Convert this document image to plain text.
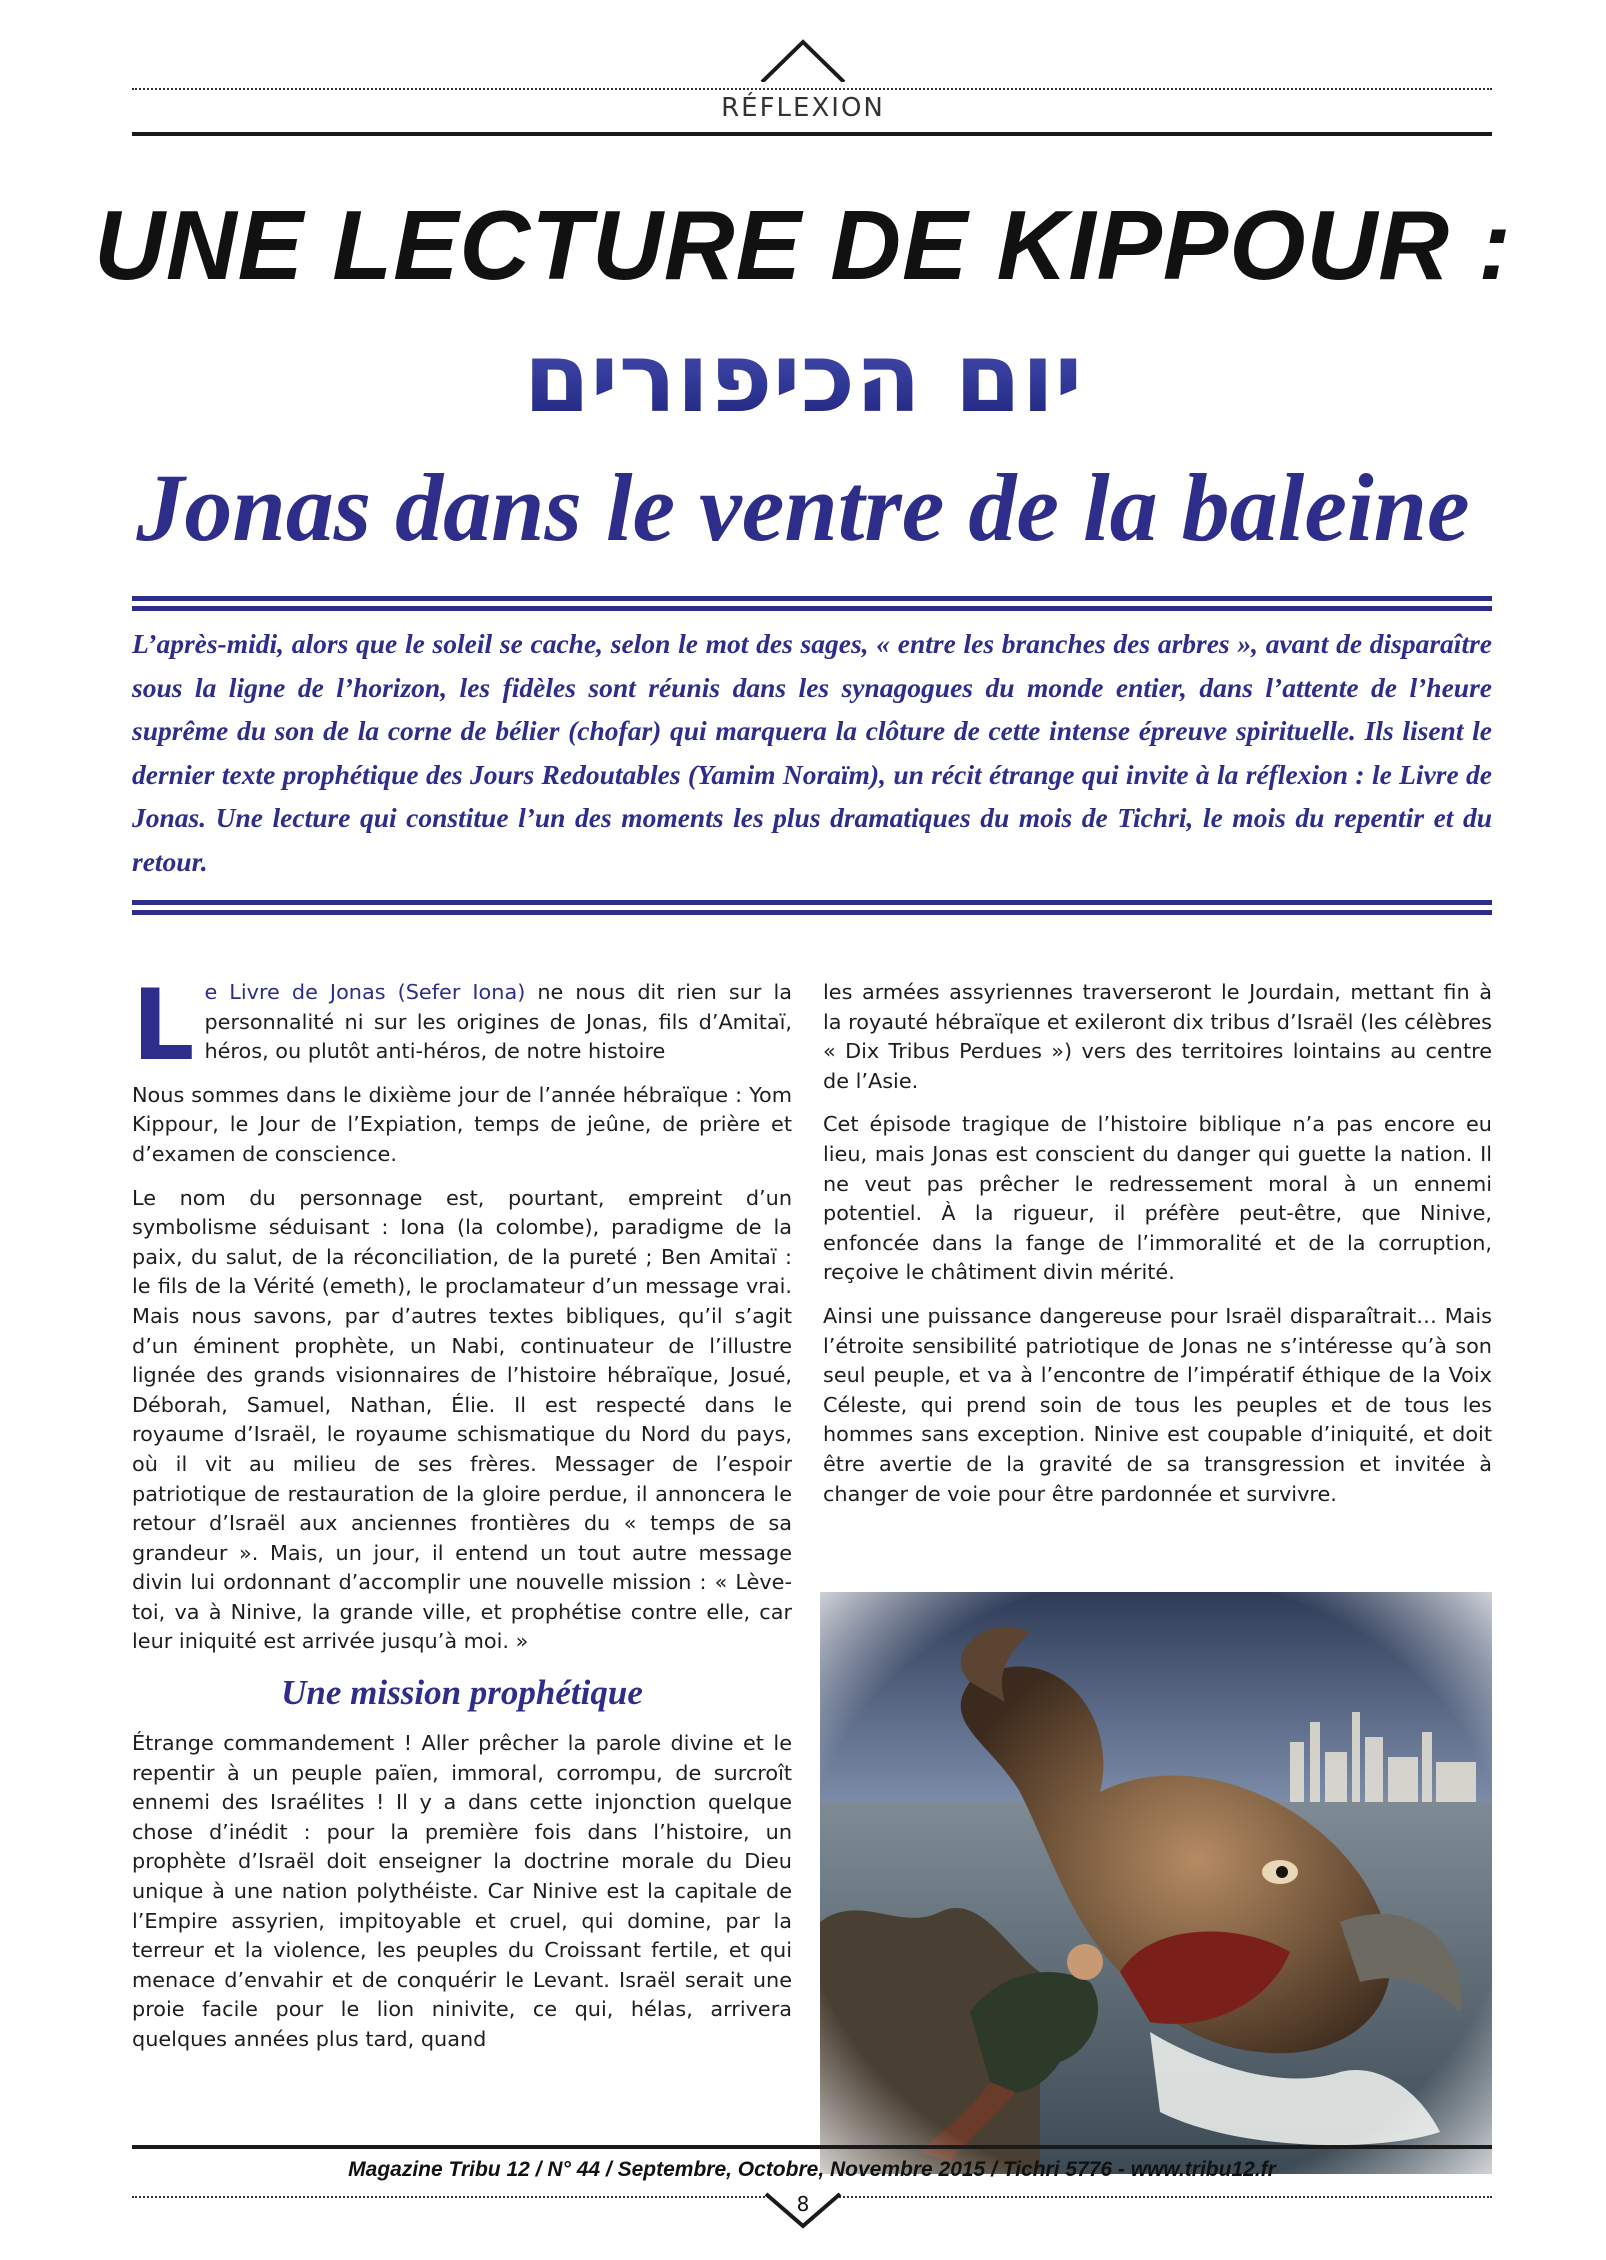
RÉFLEXION
UNE LECTURE DE KIPPOUR :
יום הכיפורים
Jonas dans le ventre de la baleine
L’après-midi, alors que le soleil se cache, selon le mot des sages, « entre les branches des arbres », avant de disparaître sous la ligne de l’horizon, les fidèles sont réunis dans les synagogues du monde entier, dans l’attente de l’heure suprême du son de la corne de bélier (chofar) qui marquera la clôture de cette intense épreuve spirituelle. Ils lisent le dernier texte prophétique des Jours Redoutables (Yamim Noraïm), un récit étrange qui invite à la réflexion : le Livre de Jonas. Une lecture qui constitue l’un des moments les plus dramatiques du mois de Tichri, le mois du repentir et du retour.

Le Livre de Jonas (Sefer Iona) ne nous dit rien sur la personnalité ni sur les origines de Jonas, fils d’Amitaï, héros, ou plutôt anti-héros, de notre histoire

Nous sommes dans le dixième jour de l’année hébraïque : Yom Kippour, le Jour de l’Expiation, temps de jeûne, de prière et d’examen de conscience.

Le nom du personnage est, pourtant, empreint d’un symbolisme séduisant : Iona (la colombe), paradigme de la paix, du salut, de la réconciliation, de la pureté ; Ben Amitaï : le fils de la Vérité (emeth), le proclamateur d’un message vrai. Mais nous savons, par d’autres textes bibliques, qu’il s’agit d’un éminent prophète, un Nabi, continuateur de l’illustre lignée des grands visionnaires de l’histoire hébraïque, Josué, Déborah, Samuel, Nathan, Élie. Il est respecté dans le royaume d’Israël, le royaume schismatique du Nord du pays, où il vit au milieu de ses frères. Messager de l’espoir patriotique de restauration de la gloire perdue, il annoncera le retour d’Israël aux anciennes frontières du « temps de sa grandeur ». Mais, un jour, il entend un tout autre message divin lui ordonnant d’accomplir une nouvelle mission : « Lève-toi, va à Ninive, la grande ville, et prophétise contre elle, car leur iniquité est arrivée jusqu’à moi. »

Une mission prophétique

Étrange commandement ! Aller prêcher la parole divine et le repentir à un peuple païen, immoral, corrompu, de surcroît ennemi des Israélites ! Il y a dans cette injonction quelque chose d’inédit : pour la première fois dans l’histoire, un prophète d’Israël doit enseigner la doctrine morale du Dieu unique à une nation polythéiste. Car Ninive est la capitale de l’Empire assyrien, impitoyable et cruel, qui domine, par la terreur et la violence, les peuples du Croissant fertile, et qui menace d’envahir et de conquérir le Levant. Israël serait une proie facile pour le lion ninivite, ce qui, hélas, arrivera quelques années plus tard, quand

les armées assyriennes traverseront le Jourdain, mettant fin à la royauté hébraïque et exileront dix tribus d’Israël (les célèbres « Dix Tribus Perdues ») vers des territoires lointains au centre de l’Asie.

Cet épisode tragique de l’histoire biblique n’a pas encore eu lieu, mais Jonas est conscient du danger qui guette la nation. Il ne veut pas prêcher le redressement moral à un ennemi potentiel. À la rigueur, il préfère peut-être, que Ninive, enfoncée dans la fange de l’immoralité et de la corruption, reçoive le châtiment divin mérité.

Ainsi une puissance dangereuse pour Israël disparaîtrait… Mais l’étroite sensibilité patriotique de Jonas ne s’intéresse qu’à son seul peuple, et va à l’encontre de l’impératif éthique de la Voix Céleste, qui prend soin de tous les peuples et de tous les hommes sans exception. Ninive est coupable d’iniquité, et doit être avertie de la gravité de sa transgression et invitée à changer de voie pour être pardonnée et survivre.

Magazine Tribu 12 / N° 44 / Septembre, Octobre, Novembre 2015 / Tichri 5776 - www.tribu12.fr
8
